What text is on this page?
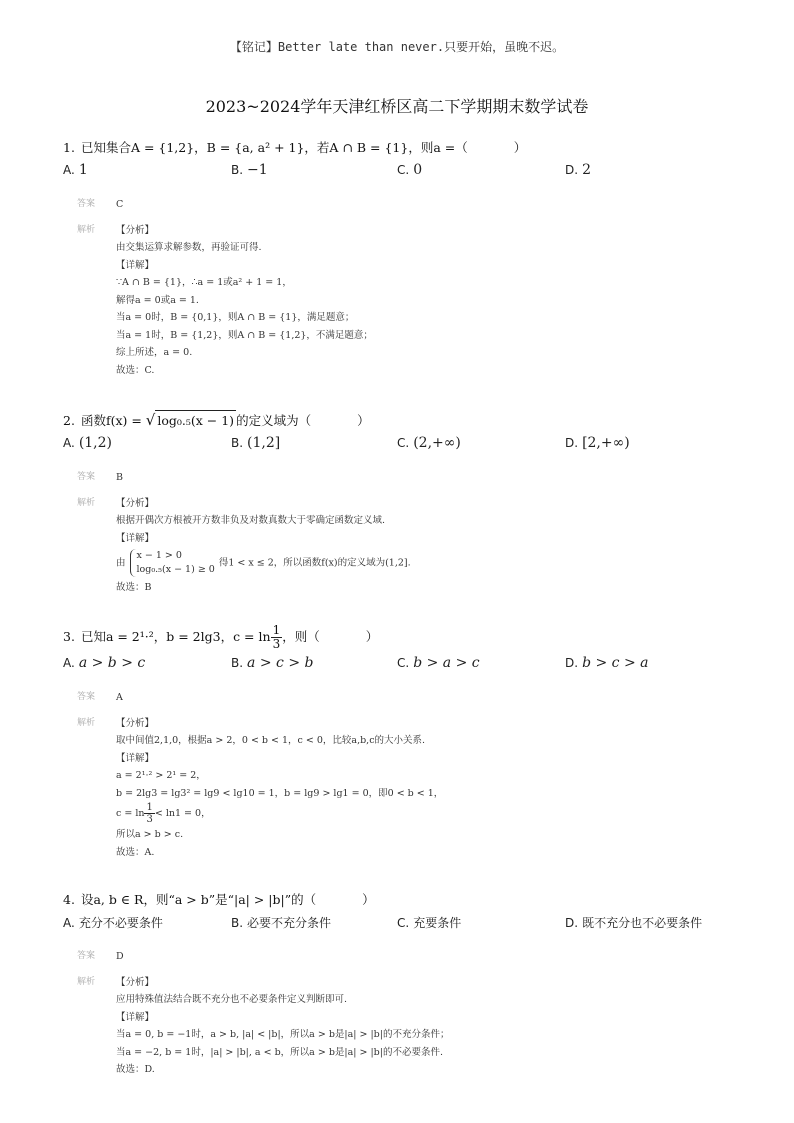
【铭记】Better late than never.只要开始，虽晚不迟。
2023~2024学年天津红桥区高二下学期期末数学试卷
1. 已知集合A = {1,2}，B = {a, a² + 1}，若A ∩ B = {1}，则a =（	）
A. 1	B. −1	C. 0	D. 2
答案 C
解析 【分析】
由交集运算求解参数，再验证可得.
【详解】
∵A ∩ B = {1}，∴a = 1或a² + 1 = 1，
解得a = 0或a = 1.
当a = 0时，B = {0,1}，则A ∩ B = {1}，满足题意；
当a = 1时，B = {1,2}，则A ∩ B = {1,2}，不满足题意；
综上所述，a = 0.
故选：C.
2. 函数f(x) = √ log₀.₅(x − 1) 的定义域为（	）
A. (1,2)	B. (1,2]	C. (2,+∞)	D. [2,+∞)
答案 B
解析 【分析】
根据开偶次方根被开方数非负及对数真数大于零确定函数定义域.
【详解】
由
x − 1 > 0
log₀.₅(x − 1) ≥ 0
得1 < x ≤ 2，所以函数f(x)的定义域为(1,2].
故选：B
3. 已知a = 2¹·²，b = 2lg3，$c = \ln \frac{1}{3}$ ，则（	）
A. a > b > c	B. a > c > b	C. b > a > c	D. b > c > a
答案 A
解析 【分析】
取中间值2,1,0，根据a > 2，0 < b < 1，c < 0，比较a,b,c的大小关系.
【详解】
a = 2¹·² > 2¹ = 2，
b = 2lg3 = lg3² = lg9 < lg10 = 1，b = lg9 > lg1 = 0，即0 < b < 1，
$c = \ln \frac{1}{3} < \ln 1 = 0$，
所以a > b > c.
故选：A.
4. 设a, b ∈ R，则“a > b”是“|a| > |b|”的（	）
A. 充分不必要条件	B. 必要不充分条件	C. 充要条件	D. 既不充分也不必要条件
答案 D
解析 【分析】
应用特殊值法结合既不充分也不必要条件定义判断即可.
【详解】
当a = 0, b = −1时，a > b, |a| < |b|，所以a > b是|a| > |b|的不充分条件；
当a = −2, b = 1时，|a| > |b|, a < b，所以a > b是|a| > |b|的不必要条件.
故选：D.
